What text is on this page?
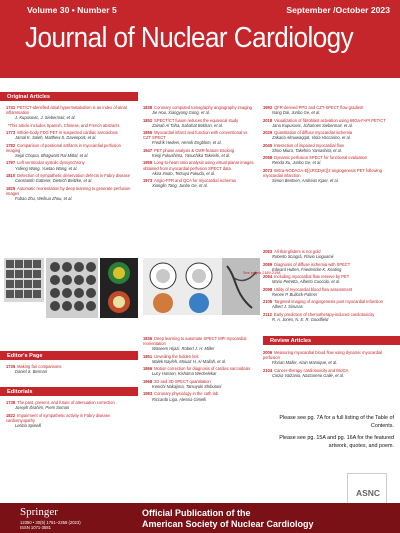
Volume 30 • Number 5	September /October 2023
Journal of Nuclear Cardiology
Original Articles
1741 PET/CT-identified atrial hypermetabolism is an index of atrial inflammation
J. Kupusovic, J. Siebermair, et al.
*This article includes Spanish, Chinese, and French abstracts
1773 Whole-body FDG PET in suspected cardiac sarcoidosis
Jamal K. Saleh, Matthew S. Davenport, et al.
1782 Comparison of positional artifacts in myocardial perfusion imaging
Sejal Chopra, Bhagwant Rai Mittal, et al.
1797 Left ventricular systolic dyssynchrony
Yufeng Wang, Yuetao Wang, et al.
1810 Detection of sympathetic denervation defects in Fabry disease
Constantin Gatterer, Dietrich Beitzke, et al.
1825 Automatic reorientation by deep learning to generate perfusion images
Fubao Zhu, Weihua Zhou, et al.
1838 Coronary computed tomography angiography imaging
Jie Hou, Xiangyang Gong, et al.
1852 SPECT/CT fusion reduces the equivocal study
Zainab Al Taha, Sabahat Bokhari, et al.
1855 Myocardial infarct and function with conventional vs CZT SPECT
Fredrik Hedeer, Henrik Engblom, et al.
1947 PET phase analysis & CMR-feature tracking
Kenji Fukushima, Yasuchika Takeishi, et al.
1959 Long-to-heart ratio analysis using virtual planar images obtained from myocardial perfusion SPECT data
Akira Imoto, Tetsuya Fukuda, et al.
1973 Angio-FFR and QCA for myocardial ischemia
Xianglin Tang, Junbo Ge, et al.
1992 QFR-derived PPG and CZT-SPECT flow gradient
Nang Dai, Junbo Ge, et al.
2018 Visualization of fibroblast activation using 68Ga-FAPI PET/CT
Jana Kupusovic, Johannes Siebermair, et al.
2029 Quantitation of diffuse myocardial ischemia
Zakaria Almuwaqqat, Viola Vaccarino, et al.
2045 Interaction of impaired myocardial flow
Shiro Miura, Takehiro Yamashita, et al.
2058 Dynamic perfusion SPECT for functional evaluation
Renda Xu, Junbo Ge, et al.
2073 68Ga-NODAGA-E[(cRGDyK)]2 angiogenesis PET following myocardial infarction
Simon Bentsen, Andreas Kjaer, et al.
2083 All that glisters is not gold
Roberto Sciagrà, Flavio Lioguamii
2089 Diagnosis of diffuse ischemia with SPECT
Edward Hulten, Friedericke K. Keating
2094 Including myocardial flow reserve by PET
Mario Petretta, Alberto Cuocolo, et al.
2098 Utility of myocardial blood flow assessment
Renee P. Bullock-Palmer
2105 Targeted imaging of angiogenesis post myocardial infarction
Albert J. Sinusas
2112 Early prediction of chemotherapy-induced cardiotoxicity
R. A. Jones, N. E. R. Goodfield
See pages 2189-2198
Editor's Page
1735 Making fair comparisons
Daniel S. Berman
Editorials
1738 The past, present, and future of attenuation correction
Joseph Ibrahim, Prem Soman
1822 Impairment of sympathetic activity in Fabry disease cardiomyopathy
Letizia Spinelli
1836 Deep learning to automate SPECT MPI myocardial reorientation
Waseem Hijazi, Robert J. H. Miller
1851 Unveiling the hidden link
Malek Nayfeh, Mouaz H. Al-Mallah, et al.
1866 Motion correction for diagnosis of cardiac sarcoidosis
Lucy Hassen, Kishama Wechelekar
1968 2D and 3D SPECT quantitation
Kenichi Nakajima, Tatsuyuki Shibutani
1983 Coronary physiology in the cath lab
Riccardo Liga, Alessia Gimelli
Review Articles
2006 Measuring myocardial blood flow using dynamic myocardial perfusion
Florian Maller, Alain Manrique, et al.
2104 Cancer-therapy cardiotoxicity and MUGA
Cinzia Valzania, Nazzareno Galiè, et al.
Please see pg. 7A for a full listing of the Table of Contents.
Please see pg. 15A and pg. 16A for the featured artwork, quotes, and poem.
ASNC
Springer
12350 • 30(5) 1751–2258 (2023)
ISSN 1071-3581
Official Publication of the
American Society of Nuclear Cardiology
